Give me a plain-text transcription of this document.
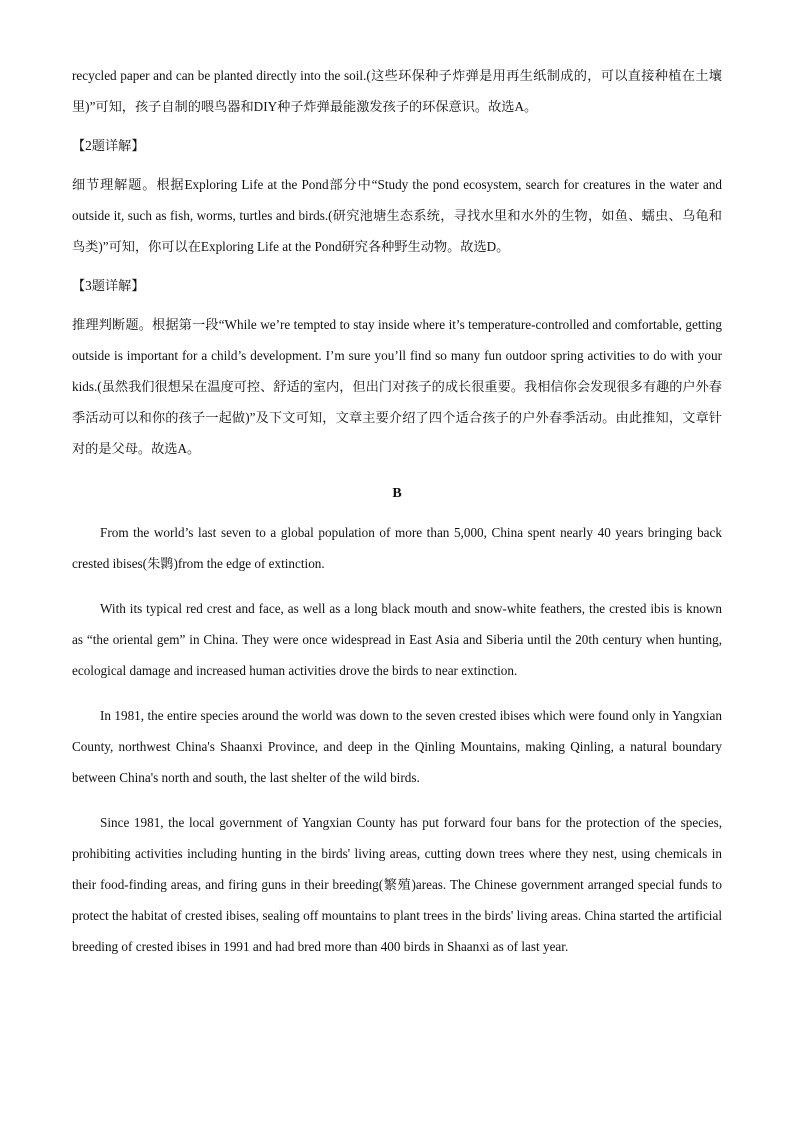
recycled paper and can be planted directly into the soil.(这些环保种子炸弹是用再生纸制成的，可以直接种植在土壤里)”可知，孩子自制的喂鸟器和DIY种子炸弹最能激发孩子的环保意识。故选A。

【2题详解】

细节理解题。根据Exploring Life at the Pond部分中“Study the pond ecosystem, search for creatures in the water and outside it, such as fish, worms, turtles and birds.(研究池塘生态系统，寻找水里和水外的生物，如鱼、蠕虫、乌龟和鸟类)”可知，你可以在Exploring Life at the Pond研究各种野生动物。故选D。

【3题详解】

推理判断题。根据第一段“While we’re tempted to stay inside where it’s temperature-controlled and comfortable, getting outside is important for a child’s development. I’m sure you’ll find so many fun outdoor spring activities to do with your kids.(虽然我们很想呆在温度可控、舒适的室内，但出门对孩子的成长很重要。我相信你会发现很多有趣的户外春季活动可以和你的孩子一起做)”及下文可知，文章主要介绍了四个适合孩子的户外春季活动。由此推知，文章针对的是父母。故选A。

B

From the world’s last seven to a global population of more than 5,000, China spent nearly 40 years bringing back crested ibises(朱鹮)from the edge of extinction.

With its typical red crest and face, as well as a long black mouth and snow-white feathers, the crested ibis is known as “the oriental gem” in China. They were once widespread in East Asia and Siberia until the 20th century when hunting, ecological damage and increased human activities drove the birds to near extinction.

In 1981, the entire species around the world was down to the seven crested ibises which were found only in Yangxian County, northwest China's Shaanxi Province, and deep in the Qinling Mountains, making Qinling, a natural boundary between China's north and south, the last shelter of the wild birds.

Since 1981, the local government of Yangxian County has put forward four bans for the protection of the species, prohibiting activities including hunting in the birds' living areas, cutting down trees where they nest, using chemicals in their food-finding areas, and firing guns in their breeding(繁殖)areas. The Chinese government arranged special funds to protect the habitat of crested ibises, sealing off mountains to plant trees in the birds' living areas. China started the artificial breeding of crested ibises in 1991 and had bred more than 400 birds in Shaanxi as of last year.
